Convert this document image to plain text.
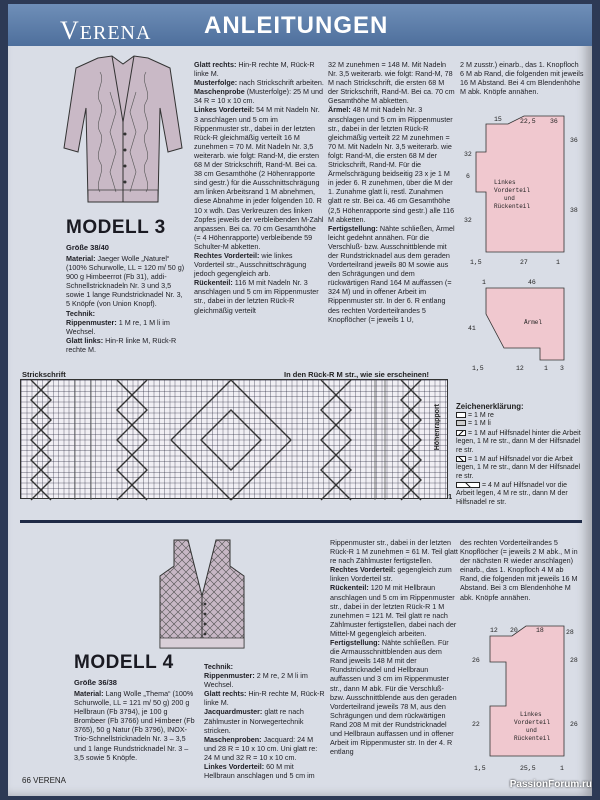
VERENA ANLEITUNGEN
MODELL 3
Größe 38/40

Material: Jaeger Wolle „Naturel“ (100% Schurwolle, LL = 120 m/ 50 g) 900 g Himbeerrot (Fb 31), addi-Schnellstricknadeln Nr. 3 und 3,5 sowie 1 lange Rundstricknadel Nr. 3, 5 Knöpfe (von Union Knopf).

Technik:

Rippenmuster: 1 M re, 1 M li im Wechsel.

Glatt links: Hin-R linke M, Rück-R rechte M.

Glatt rechts: Hin-R rechte M, Rück-R linke M.

Musterfolge: nach Strickschrift arbeiten.

Maschenprobe (Musterfolge): 25 M und 34 R = 10 x 10 cm.

Linkes Vorderteil: 54 M mit Nadeln Nr. 3 anschlagen und 5 cm im Rippenmuster str., dabei in der letzten Rück-R gleichmäßig verteilt 16 M zunehmen = 70 M. Mit Nadeln Nr. 3,5 weiterarb. wie folgt: Rand-M, die ersten 68 M der Strickschrift, Rand-M. Bei ca. 38 cm Gesamthöhe (2 Höhenrapporte sind gestr.) für die Ausschnittschrägung am linken Arbeitsrand 1 M abnehmen, diese Abnahme in jeder folgenden 10. R 10 x wdh. Das Verkreuzen des linken Zopfes jeweils der verbleibenden M-Zahl anpassen. Bei ca. 70 cm Gesamthöhe (= 4 Höhenrapporte) verbleibende 59 Schulter-M abketten.

Rechtes Vorderteil: wie linkes Vorderteil str., Ausschnittschrägung jedoch gegengleich arb.

Rückenteil: 116 M mit Nadeln Nr. 3 anschlagen und 5 cm im Rippenmuster str., dabei in der letzten Rück-R gleichmäßig verteilt

32 M zunehmen = 148 M. Mit Nadeln Nr. 3,5 weiterarb. wie folgt: Rand-M, 78 M nach Strickschrift, die ersten 68 M der Strickschrift, Rand-M. Bei ca. 70 cm Gesamthöhe M abketten.

Ärmel: 48 M mit Nadeln Nr. 3 anschlagen und 5 cm im Rippenmuster str., dabei in der letzten Rück-R gleichmäßig verteilt 22 M zunehmen = 70 M. Mit Nadeln Nr. 3,5 weiterarb. wie folgt: Rand-M, die ersten 68 M der Strickschrift, Rand-M. Für die Ärmelschrägung beidseitig 23 x je 1 M in jeder 6. R zunehmen, über die M der 1. Zunahme glatt li, restl. Zunahmen glatt re str. Bei ca. 46 cm Gesamthöhe (2,5 Höhenrapporte sind gestr.) alle 116 M abketten.

Fertigstellung: Nähte schließen, Ärmel leicht gedehnt annähen. Für die Verschluß- bzw. Ausschnittblende mit der Rundstricknadel aus dem geraden Vorderteilrand jeweils 80 M sowie aus den Schrägungen und dem rückwärtigen Rand 164 M auffassen (= 324 M) und in offener Arbeit im Rippenmuster str. In der 6. R entlang des rechten Vorderteilrandes 5 Knopflöcher (= jeweils 1 U,

2 M zusstr.) einarb., das 1. Knopfloch 6 M ab Rand, die folgenden mit jeweils 16 M Abstand. Bei 4 cm Blendenhöhe M abk. Knöpfe annähen.

15	22,5 36
32
6
32
36
38
1,5	27	1
Linkes
Vorderteil
und
Rückenteil
1	46
41
Ärmel
1,5	12	1 3
Strickschrift	In den Rück-R M str., wie sie erscheinen!
Höhenrapport
1
Zeichenerklärung:
= 1 M re
= 1 M li
= 1 M auf Hilfsnadel hinter die Arbeit legen, 1 M re str., dann M der Hilfsnadel re str.
= 1 M auf Hilfsnadel vor die Arbeit legen, 1 M re str., dann M der Hilfsnadel re str.
= 4 M auf Hilfsnadel vor die Arbeit legen, 4 M re str., dann M der Hilfsnadel re str.
MODELL 4
Größe 36/38

Material: Lang Wolle „Thema“ (100% Schurwolle, LL = 121 m/ 50 g) 200 g Hellbraun (Fb 3794), je 100 g Brombeer (Fb 3766) und Himbeer (Fb 3765), 50 g Natur (Fb 3796), INOX-Trio-Schnellstricknadeln Nr. 3 – 3,5 und 1 lange Rundstricknadel Nr. 3 – 3,5 sowie 5 Knöpfe.

Technik:

Rippenmuster: 2 M re, 2 M li im Wechsel.

Glatt rechts: Hin-R rechte M, Rück-R linke M.

Jacquardmuster: glatt re nach Zählmuster in Norwegertechnik stricken.

Maschenproben: Jacquard: 24 M und 28 R = 10 x 10 cm. Uni glatt re: 24 M und 32 R = 10 x 10 cm.

Linkes Vorderteil: 60 M mit Hellbraun anschlagen und 5 cm im

Rippenmuster str., dabei in der letzten Rück-R 1 M zunehmen = 61 M. Teil glatt re nach Zählmuster fertigstellen.

Rechtes Vorderteil: gegengleich zum linken Vorderteil str.

Rückenteil: 120 M mit Hellbraun anschlagen und 5 cm im Rippenmuster str., dabei in der letzten Rück-R 1 M zunehmen = 121 M. Teil glatt re nach Zählmuster fertigstellen, dabei nach der Mittel-M gegengleich arbeiten.

Fertigstellung: Nähte schließen. Für die Armausschnittblenden aus dem Rand jeweils 148 M mit der Rundstricknadel und Hellbraun auffassen und 3 cm im Rippenmuster str., dann M abk. Für die Verschluß- bzw. Ausschnittblende aus den geraden Vorderteilrand jeweils 78 M, aus den Schrägungen und dem rückwärtigen Rand 208 M mit der Rundstricknadel und Hellbraun auffassen und in offener Arbeit im Rippenmuster str. In der 4. R entlang

des rechten Vorderteilrandes 5 Knopflöcher (= jeweils 2 M abk., M in der nächsten R wieder anschlagen) einarb., das 1. Knopfloch 4 M ab Rand, die folgenden mit jeweils 16 M Abstand. Bei 3 cm Blendenhöhe M abk. Knöpfe annähen.

12 20	18	28
26
22
28
26
1,5	25,5	1
Linkes
Vorderteil
und
Rückenteil
66 VERENA	PassionForum.ru
